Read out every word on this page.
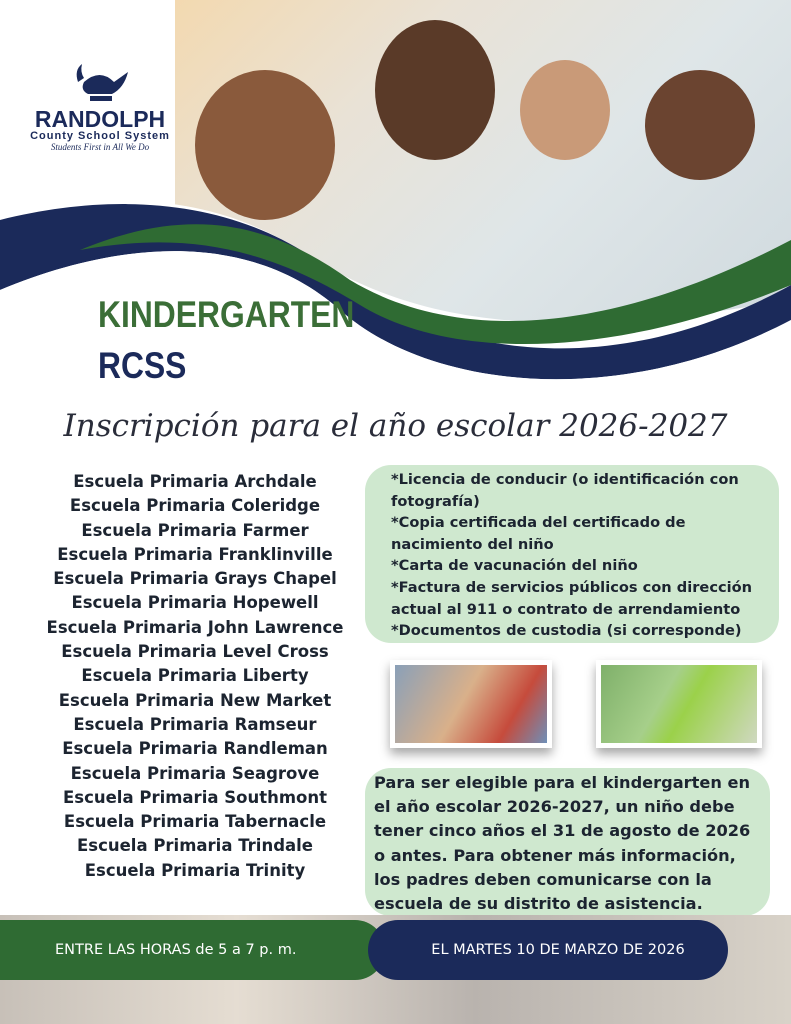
RANDOLPH
County School System
Students First in All We Do
KINDERGARTEN
RCSS
Inscripción para el año escolar 2026-2027
Escuela Primaria Archdale
Escuela Primaria Coleridge
Escuela Primaria Farmer
Escuela Primaria Franklinville
Escuela Primaria Grays Chapel
Escuela Primaria Hopewell
Escuela Primaria John Lawrence
Escuela Primaria Level Cross
Escuela Primaria Liberty
Escuela Primaria New Market
Escuela Primaria Ramseur
Escuela Primaria Randleman
Escuela Primaria Seagrove
Escuela Primaria Southmont
Escuela Primaria Tabernacle
Escuela Primaria Trindale
Escuela Primaria Trinity
*Licencia de conducir (o identificación con fotografía)
*Copia certificada del certificado de nacimiento del niño
*Carta de vacunación del niño
*Factura de servicios públicos con dirección actual al 911 o contrato de arrendamiento
*Documentos de custodia (si corresponde)
Para ser elegible para el kindergarten en el año escolar 2026-2027, un niño debe tener cinco años el 31 de agosto de 2026 o antes. Para obtener más información, los padres deben comunicarse con la escuela de su distrito de asistencia.
ENTRE LAS HORAS de 5 a 7 p. m.	EL MARTES 10 DE MARZO DE 2026
